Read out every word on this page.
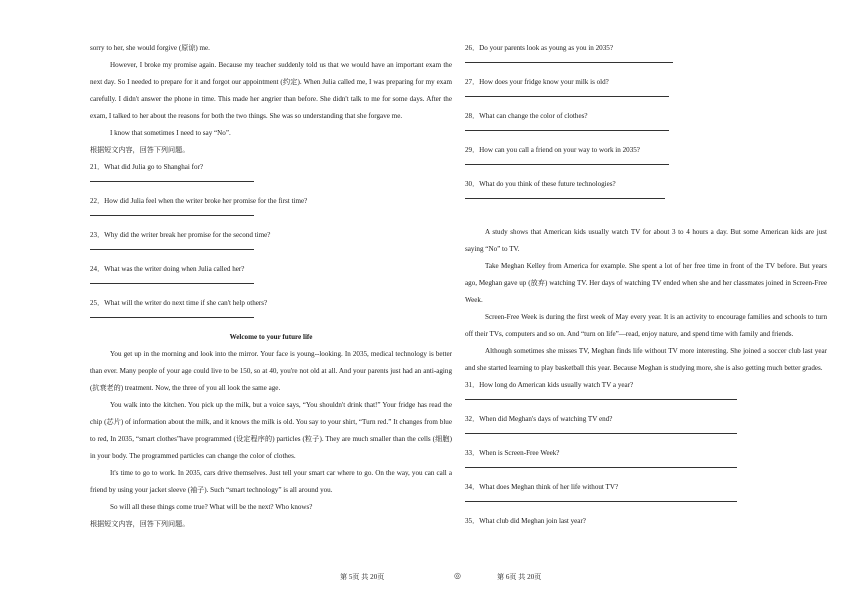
sorry to her, she would forgive (原谅) me.

However, I broke my promise again. Because my teacher suddenly told us that we would have an important exam the next day. So I needed to prepare for it and forgot our appointment (约定). When Julia called me, I was preparing for my exam carefully. I didn't answer the phone in time. This made her angrier than before. She didn't talk to me for some days. After the exam, I talked to her about the reasons for both the two things. She was so understanding that she forgave me.

I know that sometimes I need to say “No”.

根据短文内容，回答下列问题。

21．What did Julia go to Shanghai for?

22．How did Julia feel when the writer broke her promise for the first time?

23．Why did the writer break her promise for the second time?

24．What was the writer doing when Julia called her?

25．What will the writer do next time if she can't help others?

Welcome to your future life

You get up in the morning and look into the mirror. Your face is young--looking. In 2035, medical technology is better than ever. Many people of your age could live to be 150, so at 40, you're not old at all. And your parents just had an anti-aging (抗衰老的) treatment. Now, the three of you all look the same age.

You walk into the kitchen. You pick up the milk, but a voice says, “You shouldn't drink that!” Your fridge has read the chip (芯片) of information about the milk, and it knows the milk is old. You say to your shirt, “Turn red.” It changes from blue to red, In 2035, “smart clothes”have programmed (设定程序的) particles (粒子). They are much smaller than the cells (细胞) in your body. The programmed particles can change the color of clothes.

It's time to go to work. In 2035, cars drive themselves. Just tell your smart car where to go. On the way, you can call a friend by using your jacket sleeve (袖子). Such “smart technology” is all around you.

So will all these things come true? What will be the next? Who knows?

根据短文内容，回答下列问题。

26．Do your parents look as young as you in 2035?

27．How does your fridge know your milk is old?

28．What can change the color of clothes?

29．How can you call a friend on your way to work in 2035?

30．What do you think of these future technologies?

A study shows that American kids usually watch TV for about 3 to 4 hours a day. But some American kids are just saying “No” to TV.

Take Meghan Kelley from America for example. She spent a lot of her free time in front of the TV before. But years ago, Meghan gave up (放弃) watching TV. Her days of watching TV ended when she and her classmates joined in Screen-Free Week.

Screen-Free Week is during the first week of May every year. It is an activity to encourage families and schools to turn off their TVs, computers and so on. And “turn on life”—read, enjoy nature, and spend time with family and friends.

Although sometimes she misses TV, Meghan finds life without TV more interesting. She joined a soccer club last year and she started learning to play basketball this year. Because Meghan is studying more, she is also getting much better grades.

31．How long do American kids usually watch TV a year?

32．When did Meghan's days of watching TV end?

33．When is Screen-Free Week?

34．What does Meghan think of her life without TV?

35．What club did Meghan join last year?

第 5页 共 20页	◎	第 6页 共 20页
